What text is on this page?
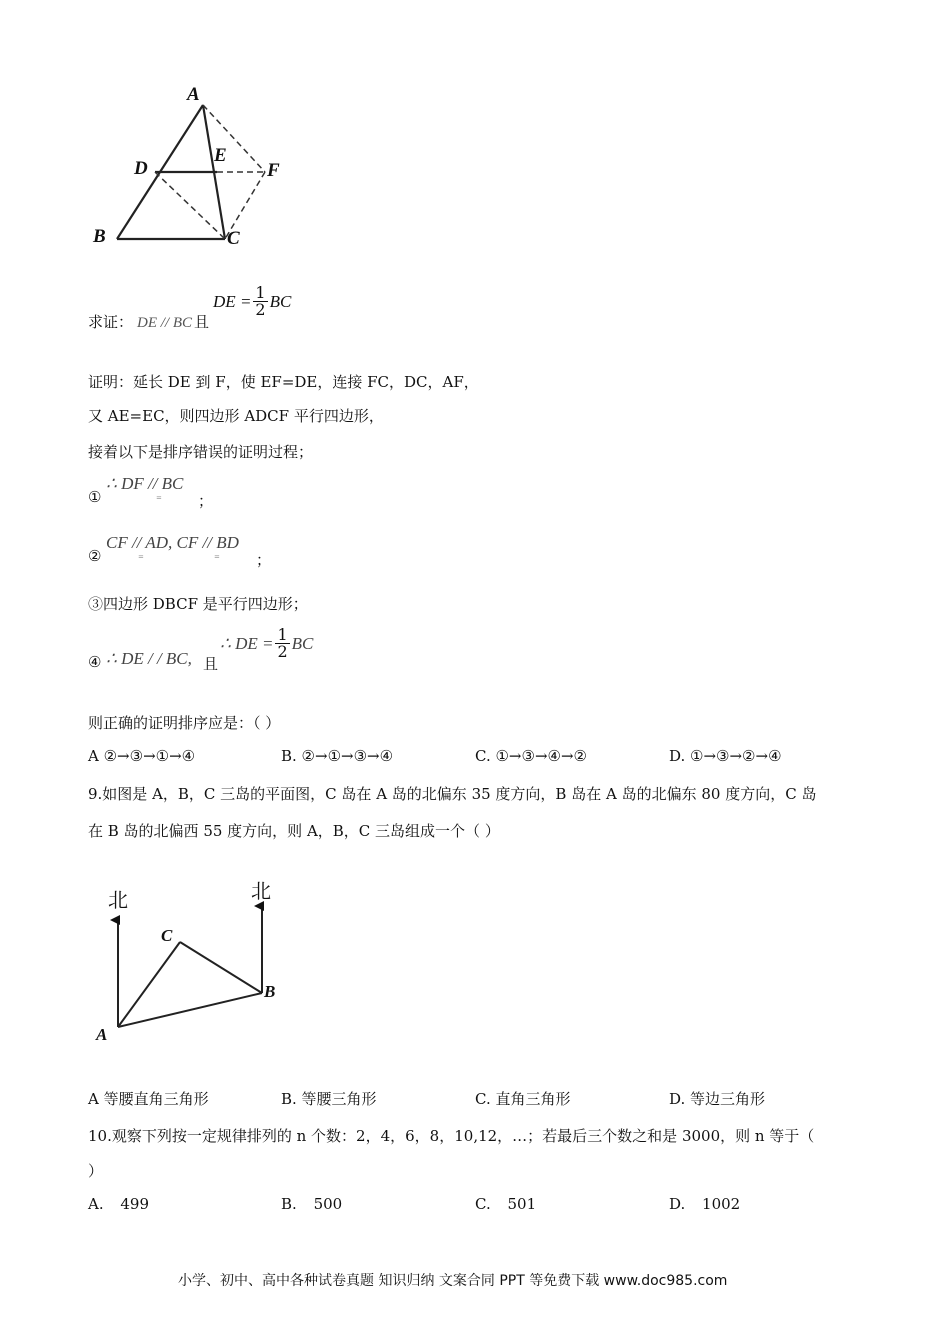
A
D
E
F
B	C
求证： DE // BC 且
DE = $\frac{1}{2}$ BC
证明：延长 DE 到 F，使 EF=DE，连接 FC，DC，AF，
又 AE=EC，则四边形 ADCF 平行四边形，
接着以下是排序错误的证明过程；
①
∴ DF // BC
= ；
②
CF // AD, CF // BD
=	= ；
③四边形 DBCF 是平行四边形；
④ ∴ DE / / BC, 且
∴ DE = $\frac{1}{2}$ BC
则正确的证明排序应是：（ ）
A ②→③→①→④	B. ②→①→③→④	C. ①→③→④→②	D. ①→③→②→④
9.如图是 A，B，C 三岛的平面图，C 岛在 A 岛的北偏东 35 度方向，B 岛在 A 岛的北偏东 80 度方向，C 岛
在 B 岛的北偏西 55 度方向，则 A，B，C 三岛组成一个（ ）
北	北
C
B
A
A 等腰直角三角形	B. 等腰三角形	C. 直角三角形	D. 等边三角形
10.观察下列按一定规律排列的 n 个数：2，4，6，8，10,12，…；若最后三个数之和是 3000，则 n 等于（
）
A. 499	B. 500	C. 501	D. 1002
小学、初中、高中各种试卷真题 知识归纳 文案合同 PPT 等免费下载 www.doc985.com
